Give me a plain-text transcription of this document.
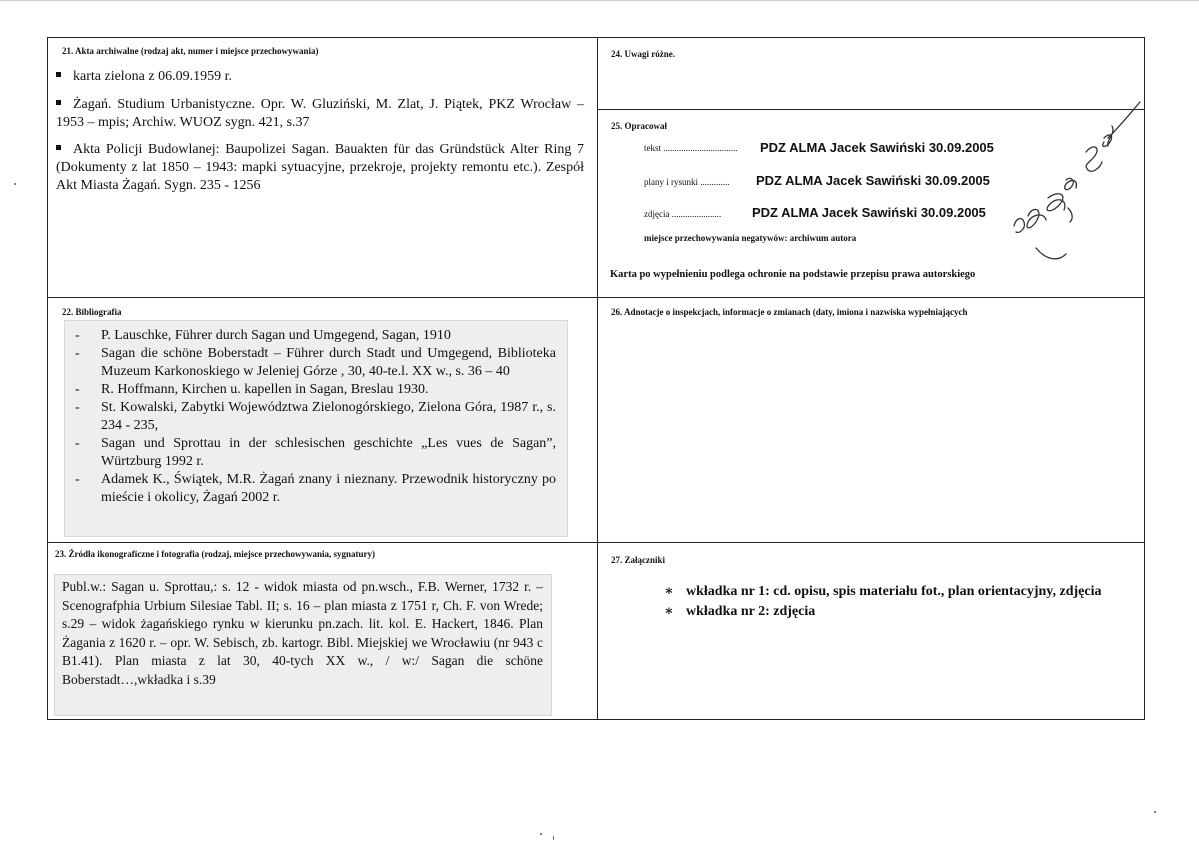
21. Akta archiwalne (rodzaj akt, numer i miejsce przechowywania)
karta zielona z 06.09.1959 r.
Żagań. Studium Urbanistyczne. Opr. W. Gluziński, M. Zlat, J. Piątek, PKZ Wrocław – 1953 – mpis; Archiw. WUOZ sygn. 421, s.37
Akta Policji Budowlanej: Baupolizei Sagan. Bauakten für das Gründstück Alter Ring 7 (Dokumenty z lat 1850 – 1943: mapki sytuacyjne, przekroje, projekty remontu etc.). Zespół Akt Miasta Żagań. Sygn. 235 - 1256
24. Uwagi różne.
25. Opracował
tekst ................................. PDZ ALMA Jacek Sawiński 30.09.2005
plany i rysunki ............. PDZ ALMA Jacek Sawiński 30.09.2005
zdjęcia ...................... PDZ ALMA Jacek Sawiński 30.09.2005
miejsce przechowywania negatywów: archiwum autora
Karta po wypełnieniu podlega ochronie na podstawie przepisu prawa autorskiego
22. Bibliografia
- P. Lauschke, Führer durch Sagan und Umgegend, Sagan, 1910
- Sagan die schöne Boberstadt – Führer durch Stadt und Umgegend, Biblioteka Muzeum Karkonoskiego w Jeleniej Górze , 30, 40-te.l. XX w., s. 36 – 40
- R. Hoffmann, Kirchen u. kapellen in Sagan, Breslau 1930.
- St. Kowalski, Zabytki Województwa Zielonogórskiego, Zielona Góra, 1987 r., s. 234 - 235,
- Sagan und Sprottau in der schlesischen geschichte „Les vues de Sagan”, Würtzburg 1992 r.
- Adamek K., Świątek, M.R. Żagań znany i nieznany. Przewodnik historyczny po mieście i okolicy, Żagań 2002 r.
26. Adnotacje o inspekcjach, informacje o zmianach (daty, imiona i nazwiska wypełniających
23. Źródła ikonograficzne i fotografia (rodzaj, miejsce przechowywania, sygnatury)
Publ.w.: Sagan u. Sprottau,: s. 12 - widok miasta od pn.wsch., F.B. Werner, 1732 r. – Scenografphia Urbium Silesiae Tabl. II; s. 16 – plan miasta z 1751 r, Ch. F. von Wrede; s.29 – widok żagańskiego rynku w kierunku pn.zach. lit. kol. E. Hackert, 1846. Plan Żagania z 1620 r. – opr. W. Sebisch, zb. kartogr. Bibl. Miejskiej we Wrocławiu (nr 943 c B1.41). Plan miasta z lat 30, 40-tych XX w., / w:/ Sagan die schöne Boberstadt…,wkładka i s.39
27. Załączniki
∗ wkładka nr 1: cd. opisu, spis materiału fot., plan orientacyjny, zdjęcia
∗ wkładka nr 2: zdjęcia
